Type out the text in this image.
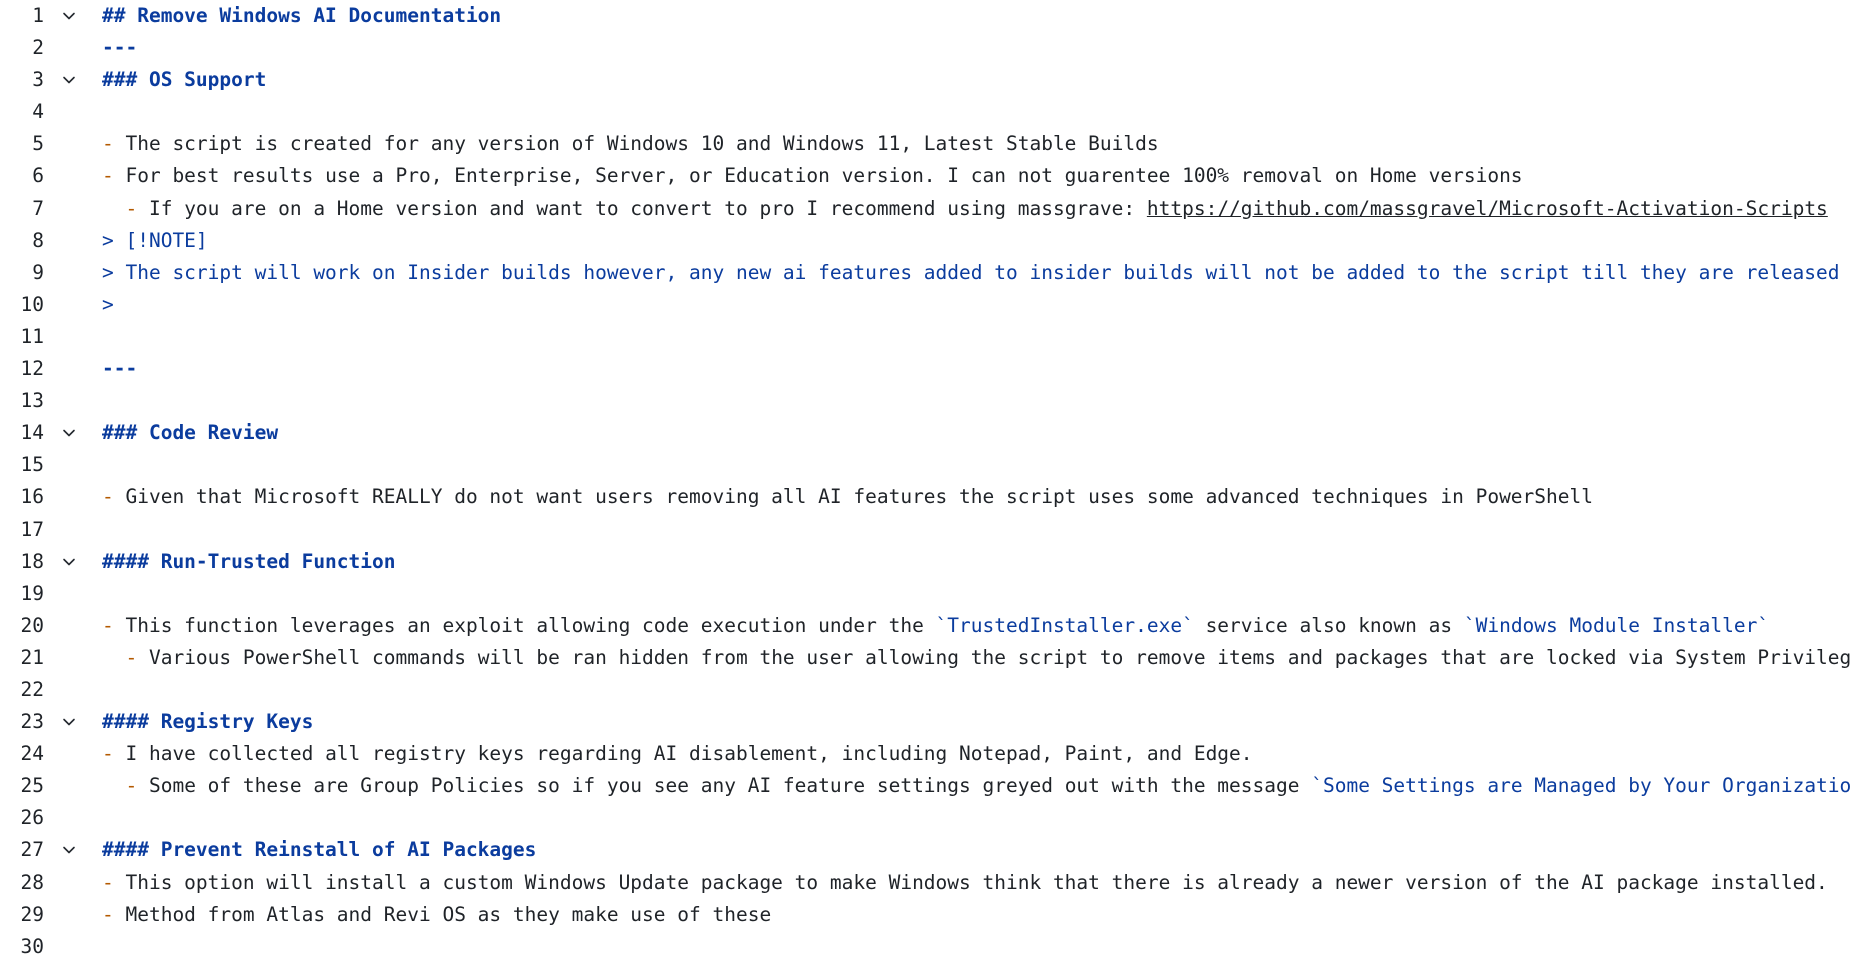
1	## Remove Windows AI Documentation
2	---
3	### OS Support
4
5	- The script is created for any version of Windows 10 and Windows 11, Latest Stable Builds
6	- For best results use a Pro, Enterprise, Server, or Education version. I can not guarentee 100% removal on Home versions
7	- If you are on a Home version and want to convert to pro I recommend using massgrave: https://github.com/massgravel/Microsoft-Activation-Scripts
8	> [!NOTE]
9	> The script will work on Insider builds however, any new ai features added to insider builds will not be added to the script till they are released
10	>
11
12	---
13
14	### Code Review
15
16	- Given that Microsoft REALLY do not want users removing all AI features the script uses some advanced techniques in PowerShell
17
18	#### Run-Trusted Function
19
20	- This function leverages an exploit allowing code execution under the `TrustedInstaller.exe` service also known as `Windows Module Installer`
21	- Various PowerShell commands will be ran hidden from the user allowing the script to remove items and packages that are locked via System Privileg
22
23	#### Registry Keys
24	- I have collected all registry keys regarding AI disablement, including Notepad, Paint, and Edge.
25	- Some of these are Group Policies so if you see any AI feature settings greyed out with the message `Some Settings are Managed by Your Organizatio
26
27	#### Prevent Reinstall of AI Packages
28	- This option will install a custom Windows Update package to make Windows think that there is already a newer version of the AI package installed.
29	- Method from Atlas and Revi OS as they make use of these
30
